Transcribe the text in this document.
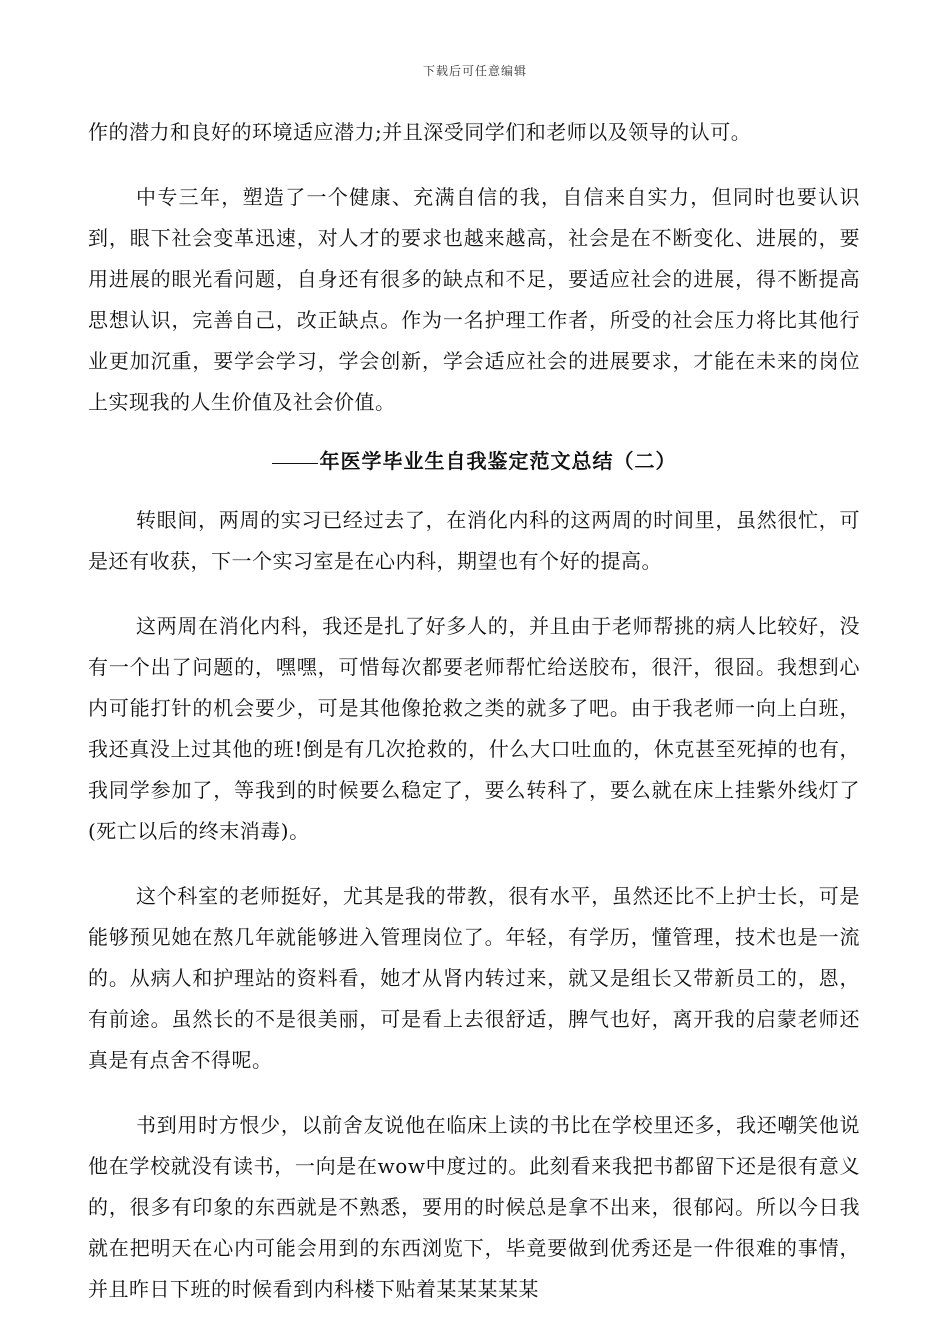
下载后可任意编辑

作的潜力和良好的环境适应潜力;并且深受同学们和老师以及领导的认可。

中专三年，塑造了一个健康、充满自信的我，自信来自实力，但同时也要认识到，眼下社会变革迅速，对人才的要求也越来越高，社会是在不断变化、进展的，要用进展的眼光看问题，自身还有很多的缺点和不足，要适应社会的进展，得不断提高思想认识，完善自己，改正缺点。作为一名护理工作者，所受的社会压力将比其他行业更加沉重，要学会学习，学会创新，学会适应社会的进展要求，才能在未来的岗位上实现我的人生价值及社会价值。

年医学毕业生自我鉴定范文总结（二）

转眼间，两周的实习已经过去了，在消化内科的这两周的时间里，虽然很忙，可是还有收获，下一个实习室是在心内科，期望也有个好的提高。

这两周在消化内科，我还是扎了好多人的，并且由于老师帮挑的病人比较好，没有一个出了问题的，嘿嘿，可惜每次都要老师帮忙给送胶布，很汗，很囧。我想到心内可能打针的机会要少，可是其他像抢救之类的就多了吧。由于我老师一向上白班，我还真没上过其他的班!倒是有几次抢救的，什么大口吐血的，休克甚至死掉的也有，我同学参加了，等我到的时候要么稳定了，要么转科了，要么就在床上挂紫外线灯了(死亡以后的终末消毒)。

这个科室的老师挺好，尤其是我的带教，很有水平，虽然还比不上护士长，可是能够预见她在熬几年就能够进入管理岗位了。年轻，有学历，懂管理，技术也是一流的。从病人和护理站的资料看，她才从肾内转过来，就又是组长又带新员工的，恩，有前途。虽然长的不是很美丽，可是看上去很舒适，脾气也好，离开我的启蒙老师还真是有点舍不得呢。

书到用时方恨少，以前舍友说他在临床上读的书比在学校里还多，我还嘲笑他说他在学校就没有读书，一向是在wow中度过的。此刻看来我把书都留下还是很有意义的，很多有印象的东西就是不熟悉，要用的时候总是拿不出来，很郁闷。所以今日我就在把明天在心内可能会用到的东西浏览下，毕竟要做到优秀还是一件很难的事情，并且昨日下班的时候看到内科楼下贴着某某某某某
